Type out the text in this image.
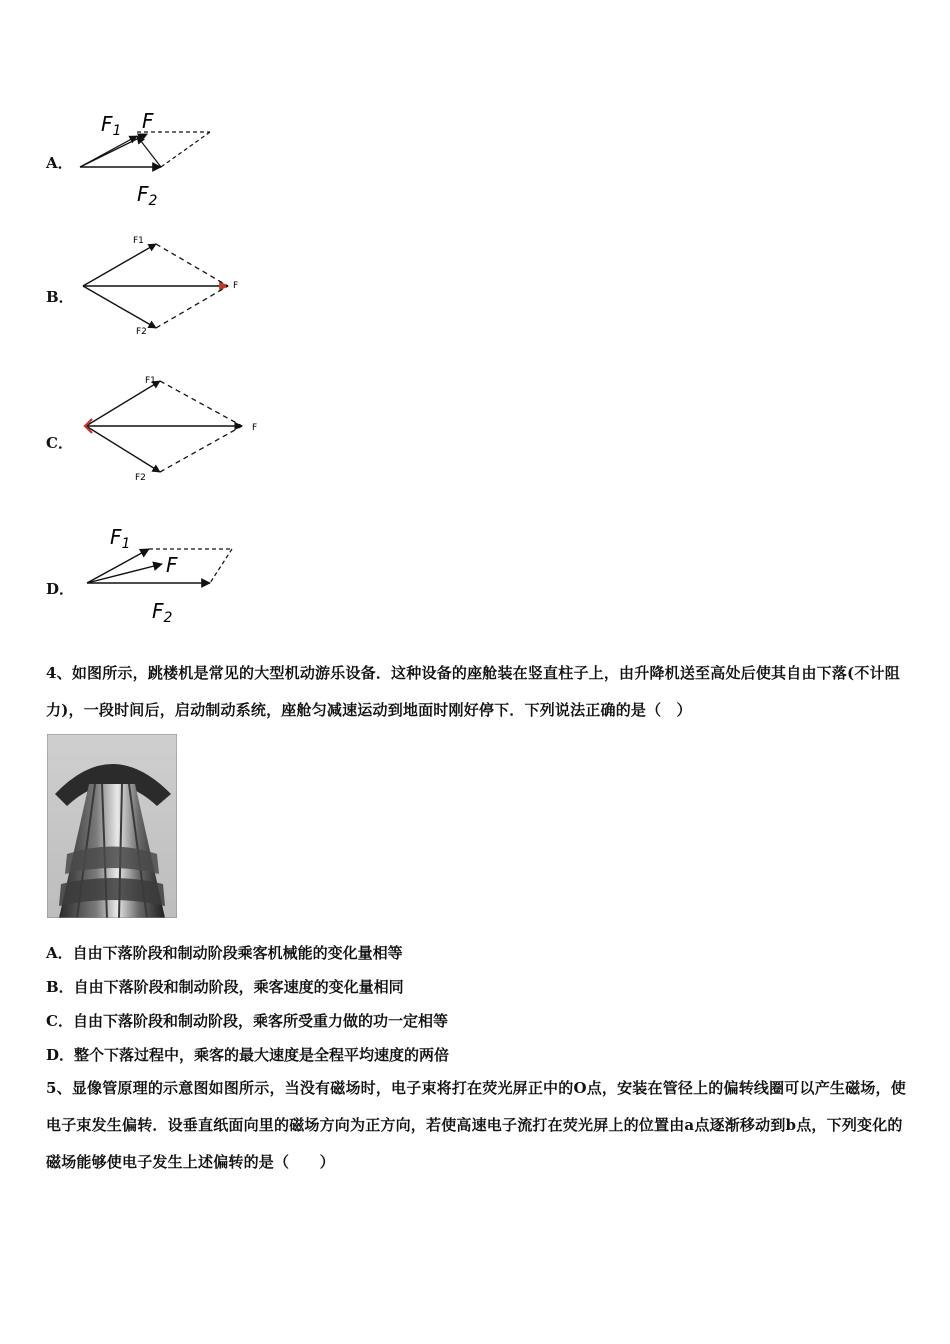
A．
$F_1$ F
$F_2$
B．
F1
F
F2
C．
F1
F
F2
D．
$F_1$
F
$F_2$
4、如图所示，跳楼机是常见的大型机动游乐设备．这种设备的座舱装在竖直柱子上，由升降机送至高处后使其自由下落(不计阻力)，一段时间后，启动制动系统，座舱匀减速运动到地面时刚好停下．下列说法正确的是（　）
A．自由下落阶段和制动阶段乘客机械能的变化量相等
B．自由下落阶段和制动阶段，乘客速度的变化量相同
C．自由下落阶段和制动阶段，乘客所受重力做的功一定相等
D．整个下落过程中，乘客的最大速度是全程平均速度的两倍
5、显像管原理的示意图如图所示，当没有磁场时，电子束将打在荧光屏正中的O点，安装在管径上的偏转线圈可以产生磁场，使电子束发生偏转．设垂直纸面向里的磁场方向为正方向，若使高速电子流打在荧光屏上的位置由a点逐渐移动到b点，下列变化的磁场能够使电子发生上述偏转的是（　　）
